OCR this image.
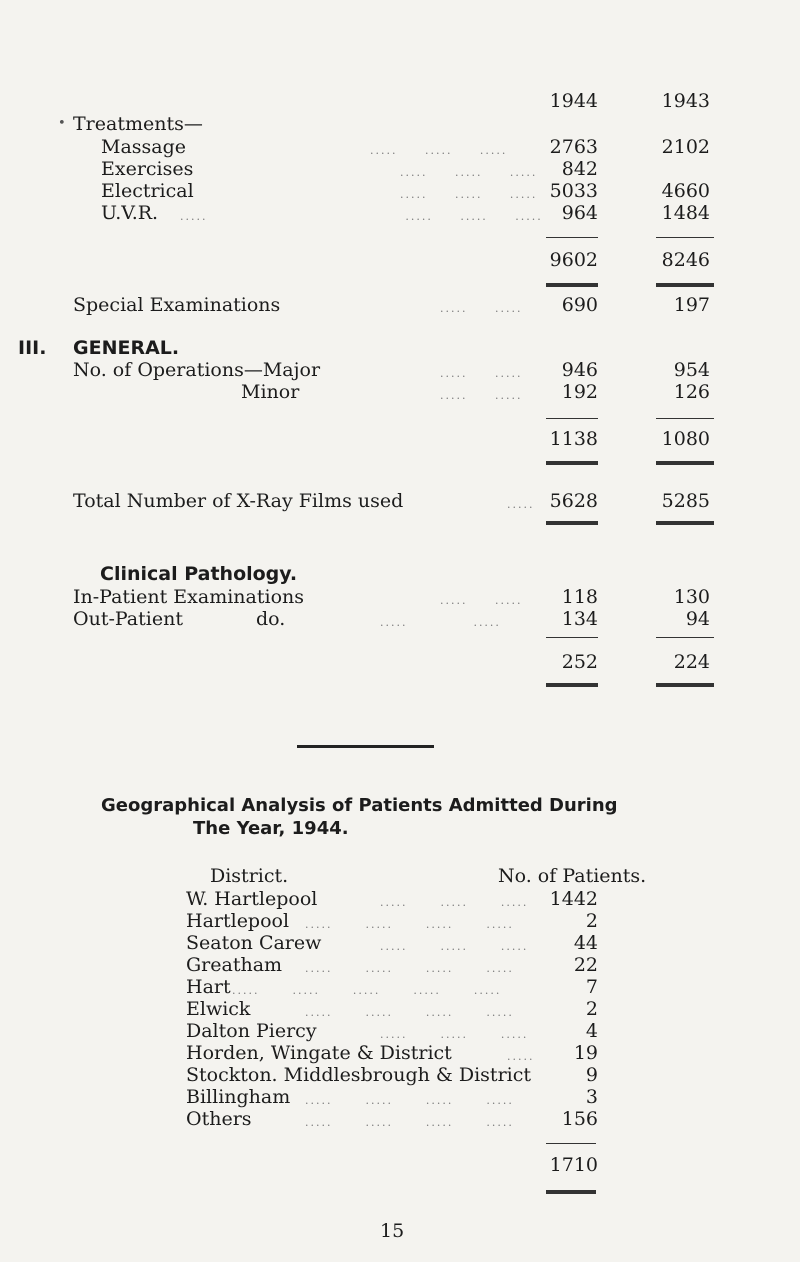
1944	1943
• Treatments—
Massage	.....     .....     .....	2763	2102
Exercises	.....     .....     .....	842
Electrical	.....     .....     ..... 5033	4660
U.V.R. .....                                    .....     .....     ..... 964	1484
9602	8246
Special Examinations	.....     .....	690	197
III. GENERAL.
No. of Operations—Major	.....     .....	946	954
Minor	.....     .....	192	126
1138	1080
Total Number of X-Ray Films used	..... 5628	5285
Clinical Pathology.
In-Patient Examinations	.....     .....	118	130
Out-Patient	do.	.....            .....	134	94
252	224
Geographical Analysis of Patients Admitted During
The Year, 1944.
District.	No. of Patients.
W. Hartlepool	.....      .....      .....	1442
Hartlepool .....      .....      .....      .....	2
Seaton Carew	.....      .....      .....	44
Greatham .....      .....      .....      .....	22
Hart .....      .....      .....      .....      .....	7
Elwick	.....      .....      .....      .....	2
Dalton Piercy	.....      .....      .....	4
Horden, Wingate & District	.....	19
Stockton. Middlesbrough & District	9
Billingham .....      .....      .....      .....	3
Others	.....      .....      .....      .....	156
1710
15
